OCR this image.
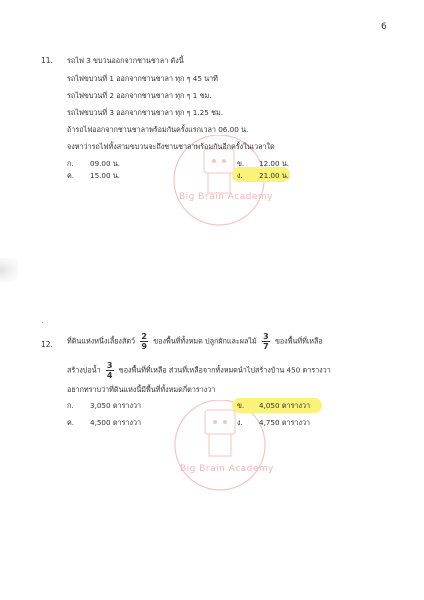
6
Big Brain Academy
Big Brain Academy
11. รถไฟ 3 ขบวนออกจากชานชาลา ดังนี้
รถไฟขบวนที่ 1 ออกจากชานชาลา ทุก ๆ 45 นาที
รถไฟขบวนที่ 2 ออกจากชานชาลา ทุก ๆ 1 ชม.
รถไฟขบวนที่ 3 ออกจากชานชาลา ทุก ๆ 1.25 ชม.
ถ้ารถไฟออกจากชานชาลาพร้อมกันครั้งแรกเวลา 06.00 น.
จงหาว่ารถไฟทั้งสามขบวนจะถึงชานชาลาพร้อมกันอีกครั้งในเวลาใด
ก. 09.00 น.	ข. 12.00 น.
ค. 15.00 น.	ง. 21.00 น.
12. ที่ดินแห่งหนึ่งเลี้ยงสัตว์ $\frac{2}{9}$ ของพื้นที่ทั้งหมด ปลูกผักและผลไม้ $\frac{3}{7}$ ของพื้นที่ที่เหลือ
สร้างบ่อน้ำ $\frac{3}{4}$ ของพื้นที่ที่เหลือ ส่วนที่เหลือจากทั้งหมดนำไปสร้างบ้าน 450 ตารางวา
อยากทราบว่าที่ดินแห่งนี้มีพื้นที่ทั้งหมดกี่ตารางวา
ก. 3,050 ตารางวา	ข. 4,050 ตารางวา
ค. 4,500 ตารางวา	ง. 4,750 ตารางวา
